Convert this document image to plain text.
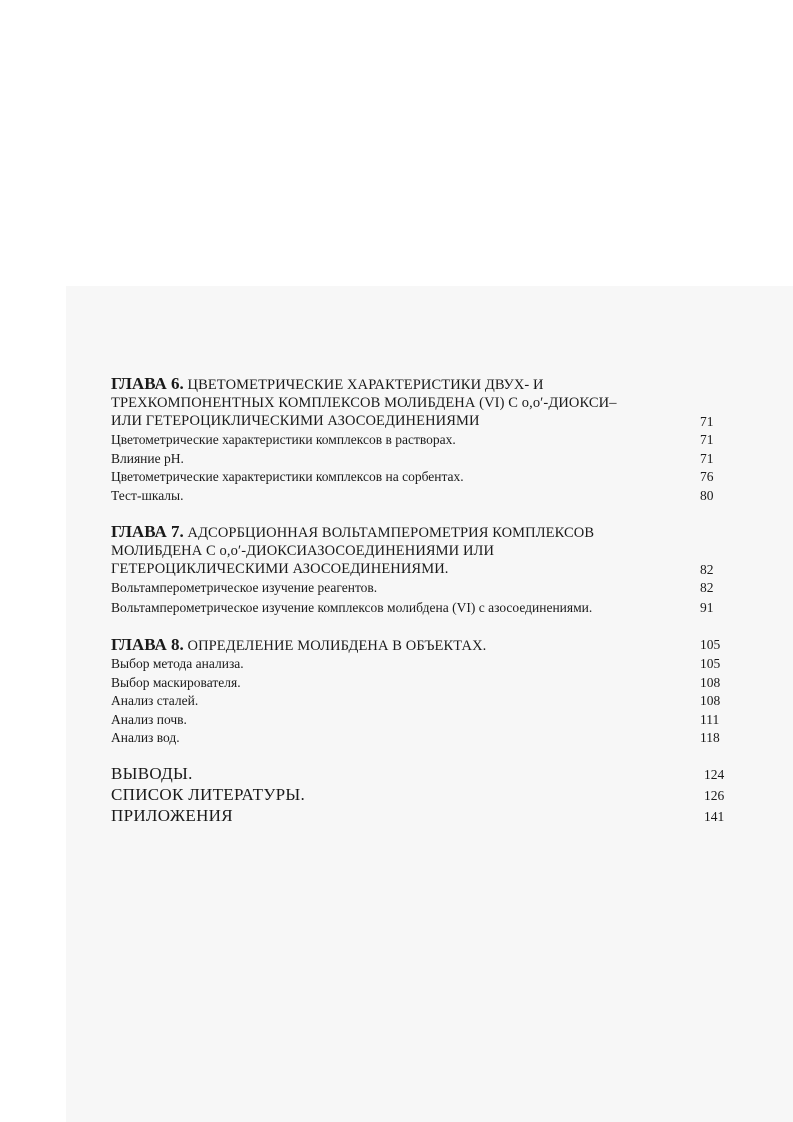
ГЛАВА 6. ЦВЕТОМЕТРИЧЕСКИЕ ХАРАКТЕРИСТИКИ ДВУХ- И
ТРЕХКОМПОНЕНТНЫХ КОМПЛЕКСОВ МОЛИБДЕНА (VI) С o,o′-ДИОКСИ–
ИЛИ ГЕТЕРОЦИКЛИЧЕСКИМИ АЗОСОЕДИНЕНИЯМИ	71
Цветометрические характеристики комплексов в растворах.	71
Влияние pH.	71
Цветометрические характеристики комплексов на сорбентах.	76
Тест-шкалы.	80
ГЛАВА 7. АДСОРБЦИОННАЯ ВОЛЬТАМПЕРОМЕТРИЯ КОМПЛЕКСОВ
МОЛИБДЕНА С o,o′-ДИОКСИАЗОСОЕДИНЕНИЯМИ ИЛИ
ГЕТЕРОЦИКЛИЧЕСКИМИ АЗОСОЕДИНЕНИЯМИ.	82
Вольтамперометрическое изучение реагентов.	82
Вольтамперометрическое изучение комплексов молибдена (VI) с азосоединениями.	91
ГЛАВА 8. ОПРЕДЕЛЕНИЕ МОЛИБДЕНА В ОБЪЕКТАХ.	105
Выбор метода анализа.	105
Выбор маскирователя.	108
Анализ сталей.	108
Анализ почв.	111
Анализ вод.	118
ВЫВОДЫ.	124
СПИСОК ЛИТЕРАТУРЫ.	126
ПРИЛОЖЕНИЯ	141
